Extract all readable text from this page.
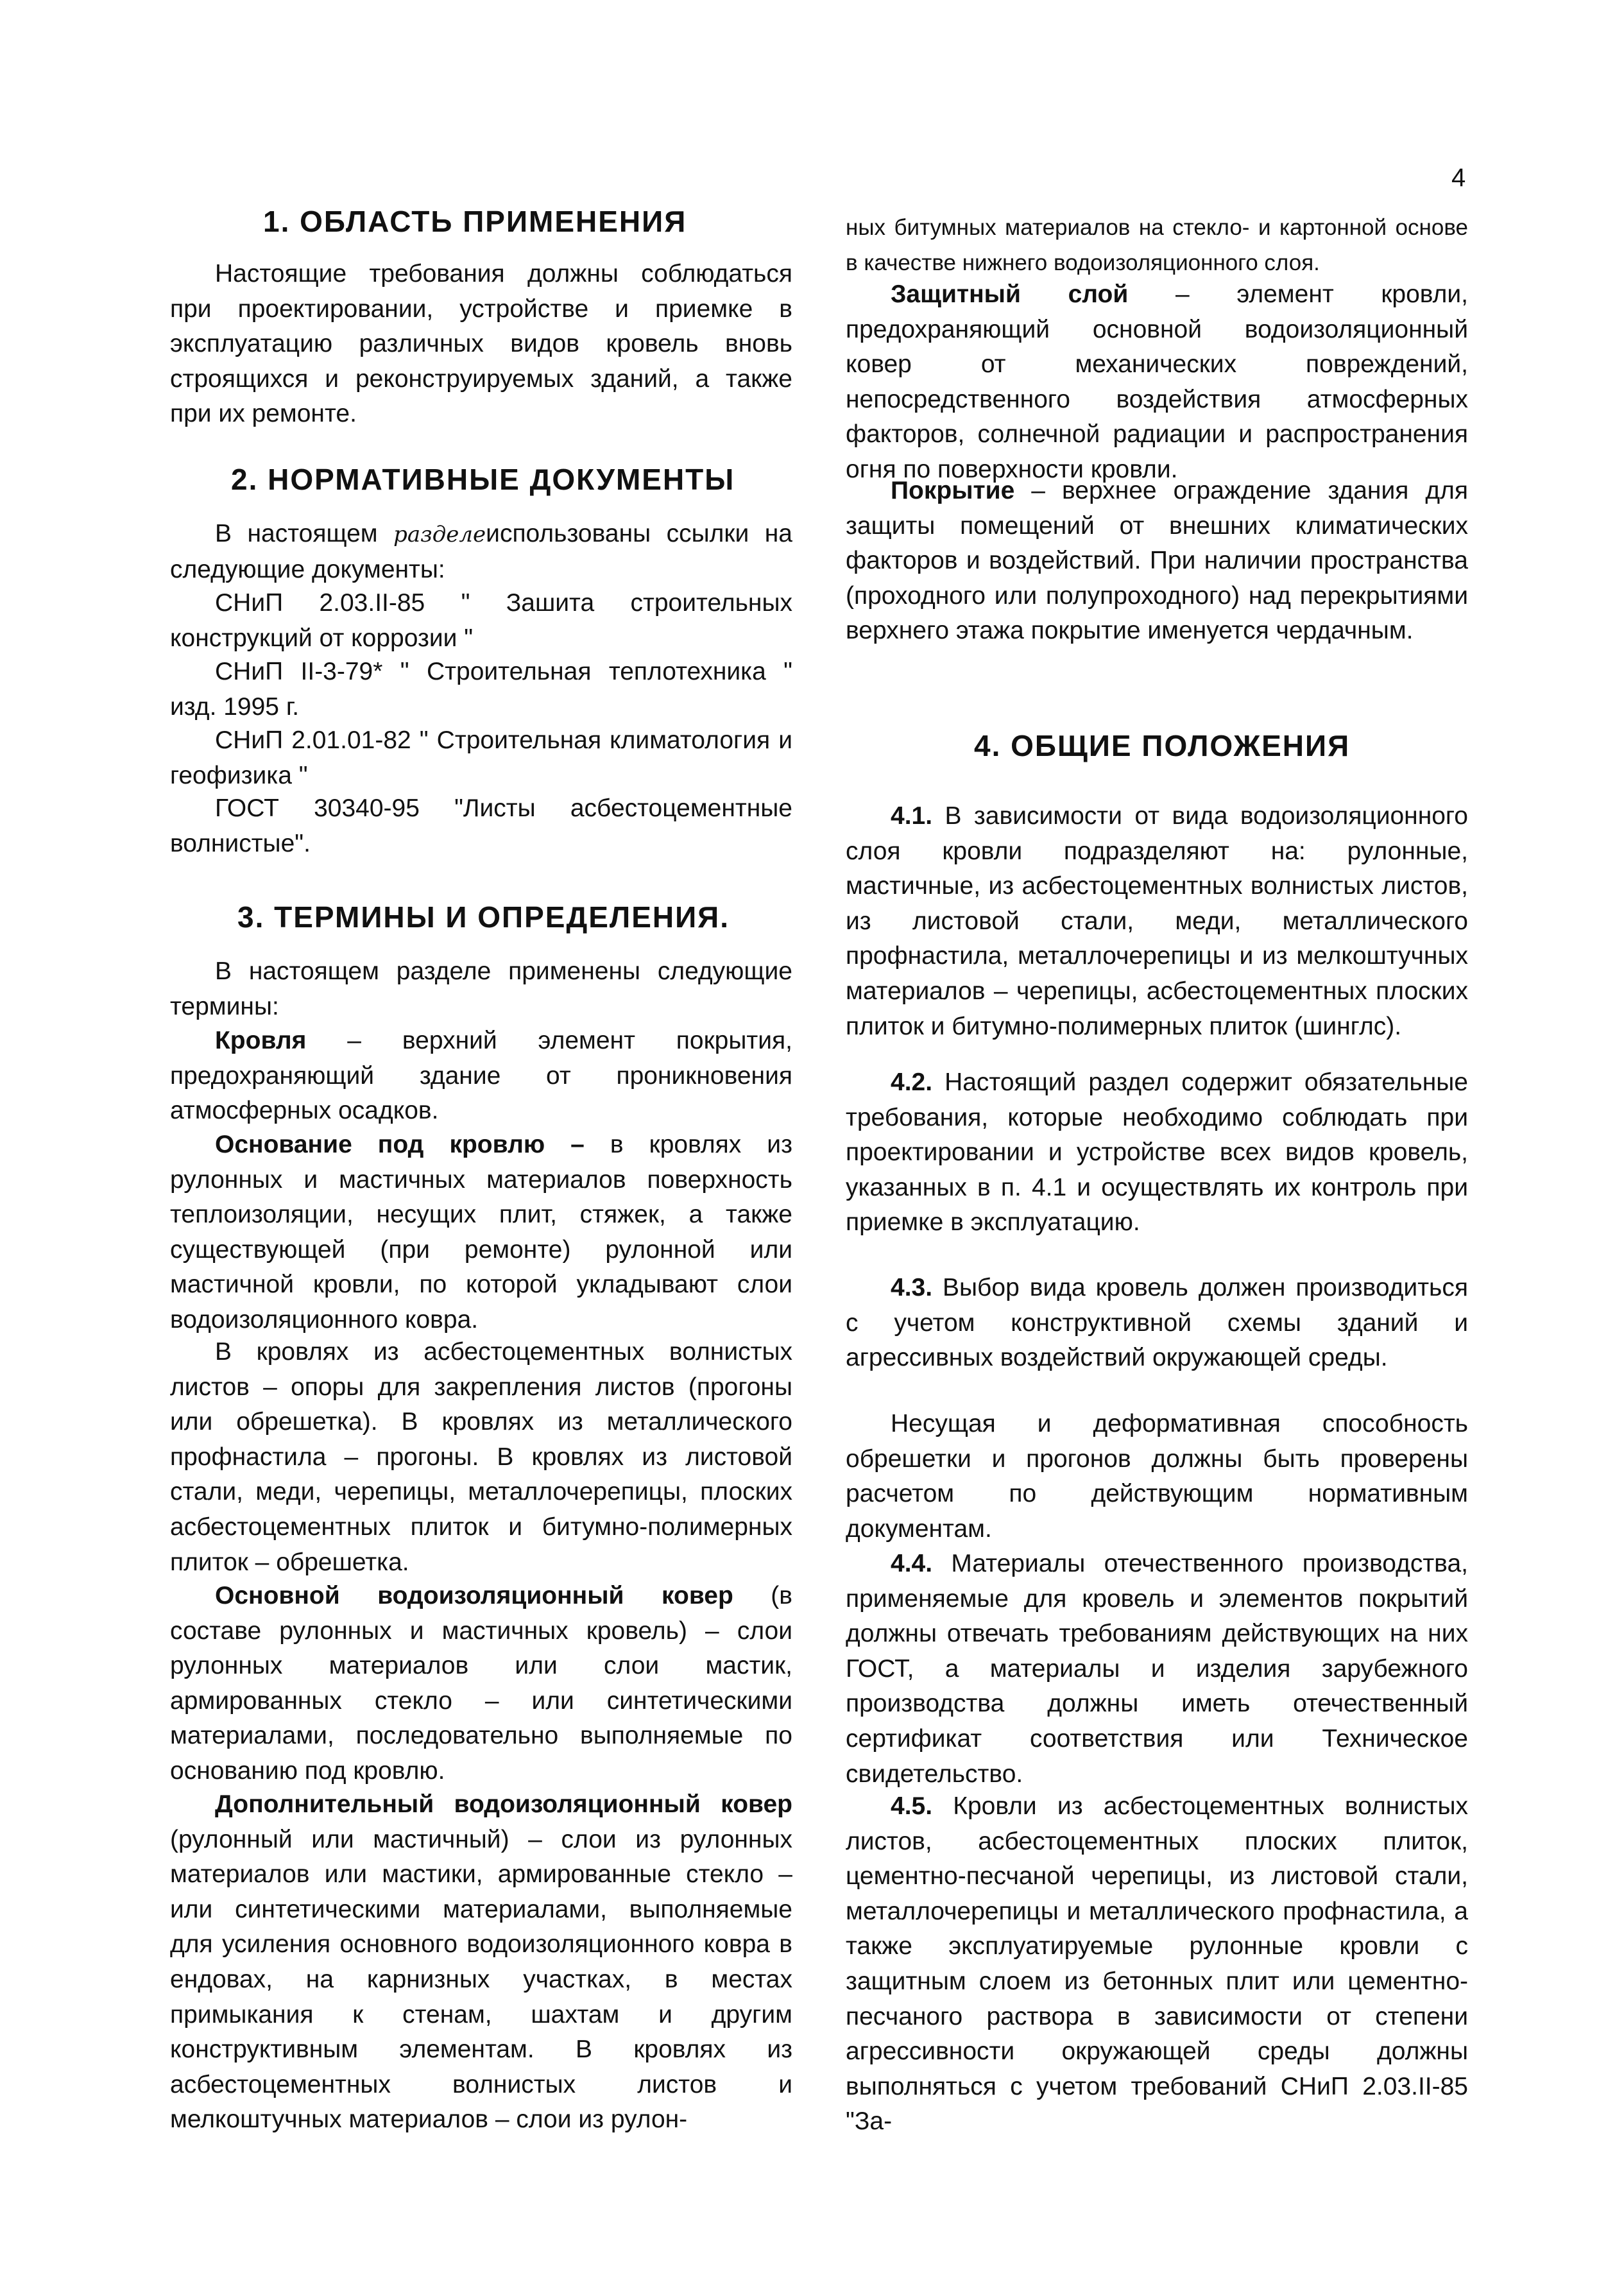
4
1. ОБЛАСТЬ ПРИМЕНЕНИЯ
Настоящие требования должны соблюдаться при проектировании, устройстве и приемке в эксплуатацию различных видов кровель вновь строящихся и реконструируемых зданий, а также при их ремонте.
2. НОРМАТИВНЫЕ ДОКУМЕНТЫ
В настоящем разделеиспользованы ссылки на следующие документы:
СНиП 2.03.II-85 " Зашита строительных конструкций от коррозии "
СНиП II-3-79* " Строительная теплотехника " изд. 1995 г.
СНиП 2.01.01-82 " Строительная климатология и геофизика "
ГОСТ 30340-95 "Листы асбестоцементные волнистые".
3. ТЕРМИНЫ И ОПРЕДЕЛЕНИЯ.
В настоящем разделе применены следующие термины:
Кровля – верхний элемент покрытия, предохраняющий здание от проникновения атмосферных осадков.
Основание под кровлю – в кровлях из рулонных и мастичных материалов поверхность теплоизоляции, несущих плит, стяжек, а также существующей (при ремонте) рулонной или мастичной кровли, по которой укладывают слои водоизоляционного ковра.
В кровлях из асбестоцементных волнистых листов – опоры для закрепления листов (прогоны или обрешетка). В кровлях из металлического профнастила – прогоны. В кровлях из листовой стали, меди, черепицы, металлочерепицы, плоских асбестоцементных плиток и битумно-полимерных плиток – обрешетка.
Основной водоизоляционный ковер (в составе рулонных и мастичных кровель) – слои рулонных материалов или слои мастик, армированных стекло – или синтетическими материалами, последовательно выполняемые по основанию под кровлю.
Дополнительный водоизоляционный ковер (рулонный или мастичный) – слои из рулонных материалов или мастики, армированные стекло – или синтетическими материалами, выполняемые для усиления основного водоизоляционного ковра в ендовах, на карнизных участках, в местах примыкания к стенам, шахтам и другим конструктивным элементам. В кровлях из асбестоцементных волнистых листов и мелкоштучных материалов – слои из рулон-
ных битумных материалов на стекло- и картонной основе в качестве нижнего водоизоляционного слоя.
Защитный слой – элемент кровли, предохраняющий основной водоизоляционный ковер от механических повреждений, непосредственного воздействия атмосферных факторов, солнечной радиации и распространения огня по поверхности кровли.
Покрытие – верхнее ограждение здания для защиты помещений от внешних климатических факторов и воздействий. При наличии пространства (проходного или полупроходного) над перекрытиями верхнего этажа покрытие именуется чердачным.
4. ОБЩИЕ ПОЛОЖЕНИЯ
4.1. В зависимости от вида водоизоляционного слоя кровли подразделяют на: рулонные, мастичные, из асбестоцементных волнистых листов, из листовой стали, меди, металлического профнастила, металлочерепицы и из мелкоштучных материалов – черепицы, асбестоцементных плоских плиток и битумно-полимерных плиток (шинглс).
4.2. Настоящий раздел содержит обязательные требования, которые необходимо соблюдать при проектировании и устройстве всех видов кровель, указанных в п. 4.1 и осуществлять их контроль при приемке в эксплуатацию.
4.3. Выбор вида кровель должен производиться с учетом конструктивной схемы зданий и агрессивных воздействий окружающей среды.
Несущая и деформативная способность обрешетки и прогонов должны быть проверены расчетом по действующим нормативным документам.
4.4. Материалы отечественного производства, применяемые для кровель и элементов покрытий должны отвечать требованиям действующих на них ГОСТ, а материалы и изделия зарубежного производства должны иметь отечественный сертификат соответствия или Техническое свидетельство.
4.5. Кровли из асбестоцементных волнистых листов, асбестоцементных плоских плиток, цементно-песчаной черепицы, из листовой стали, металлочерепицы и металлического профнастила, а также эксплуатируемые рулонные кровли с защитным слоем из бетонных плит или цементно-песчаного раствора в зависимости от степени агрессивности окружающей среды должны выполняться с учетом требований СНиП 2.03.II-85 "За-
